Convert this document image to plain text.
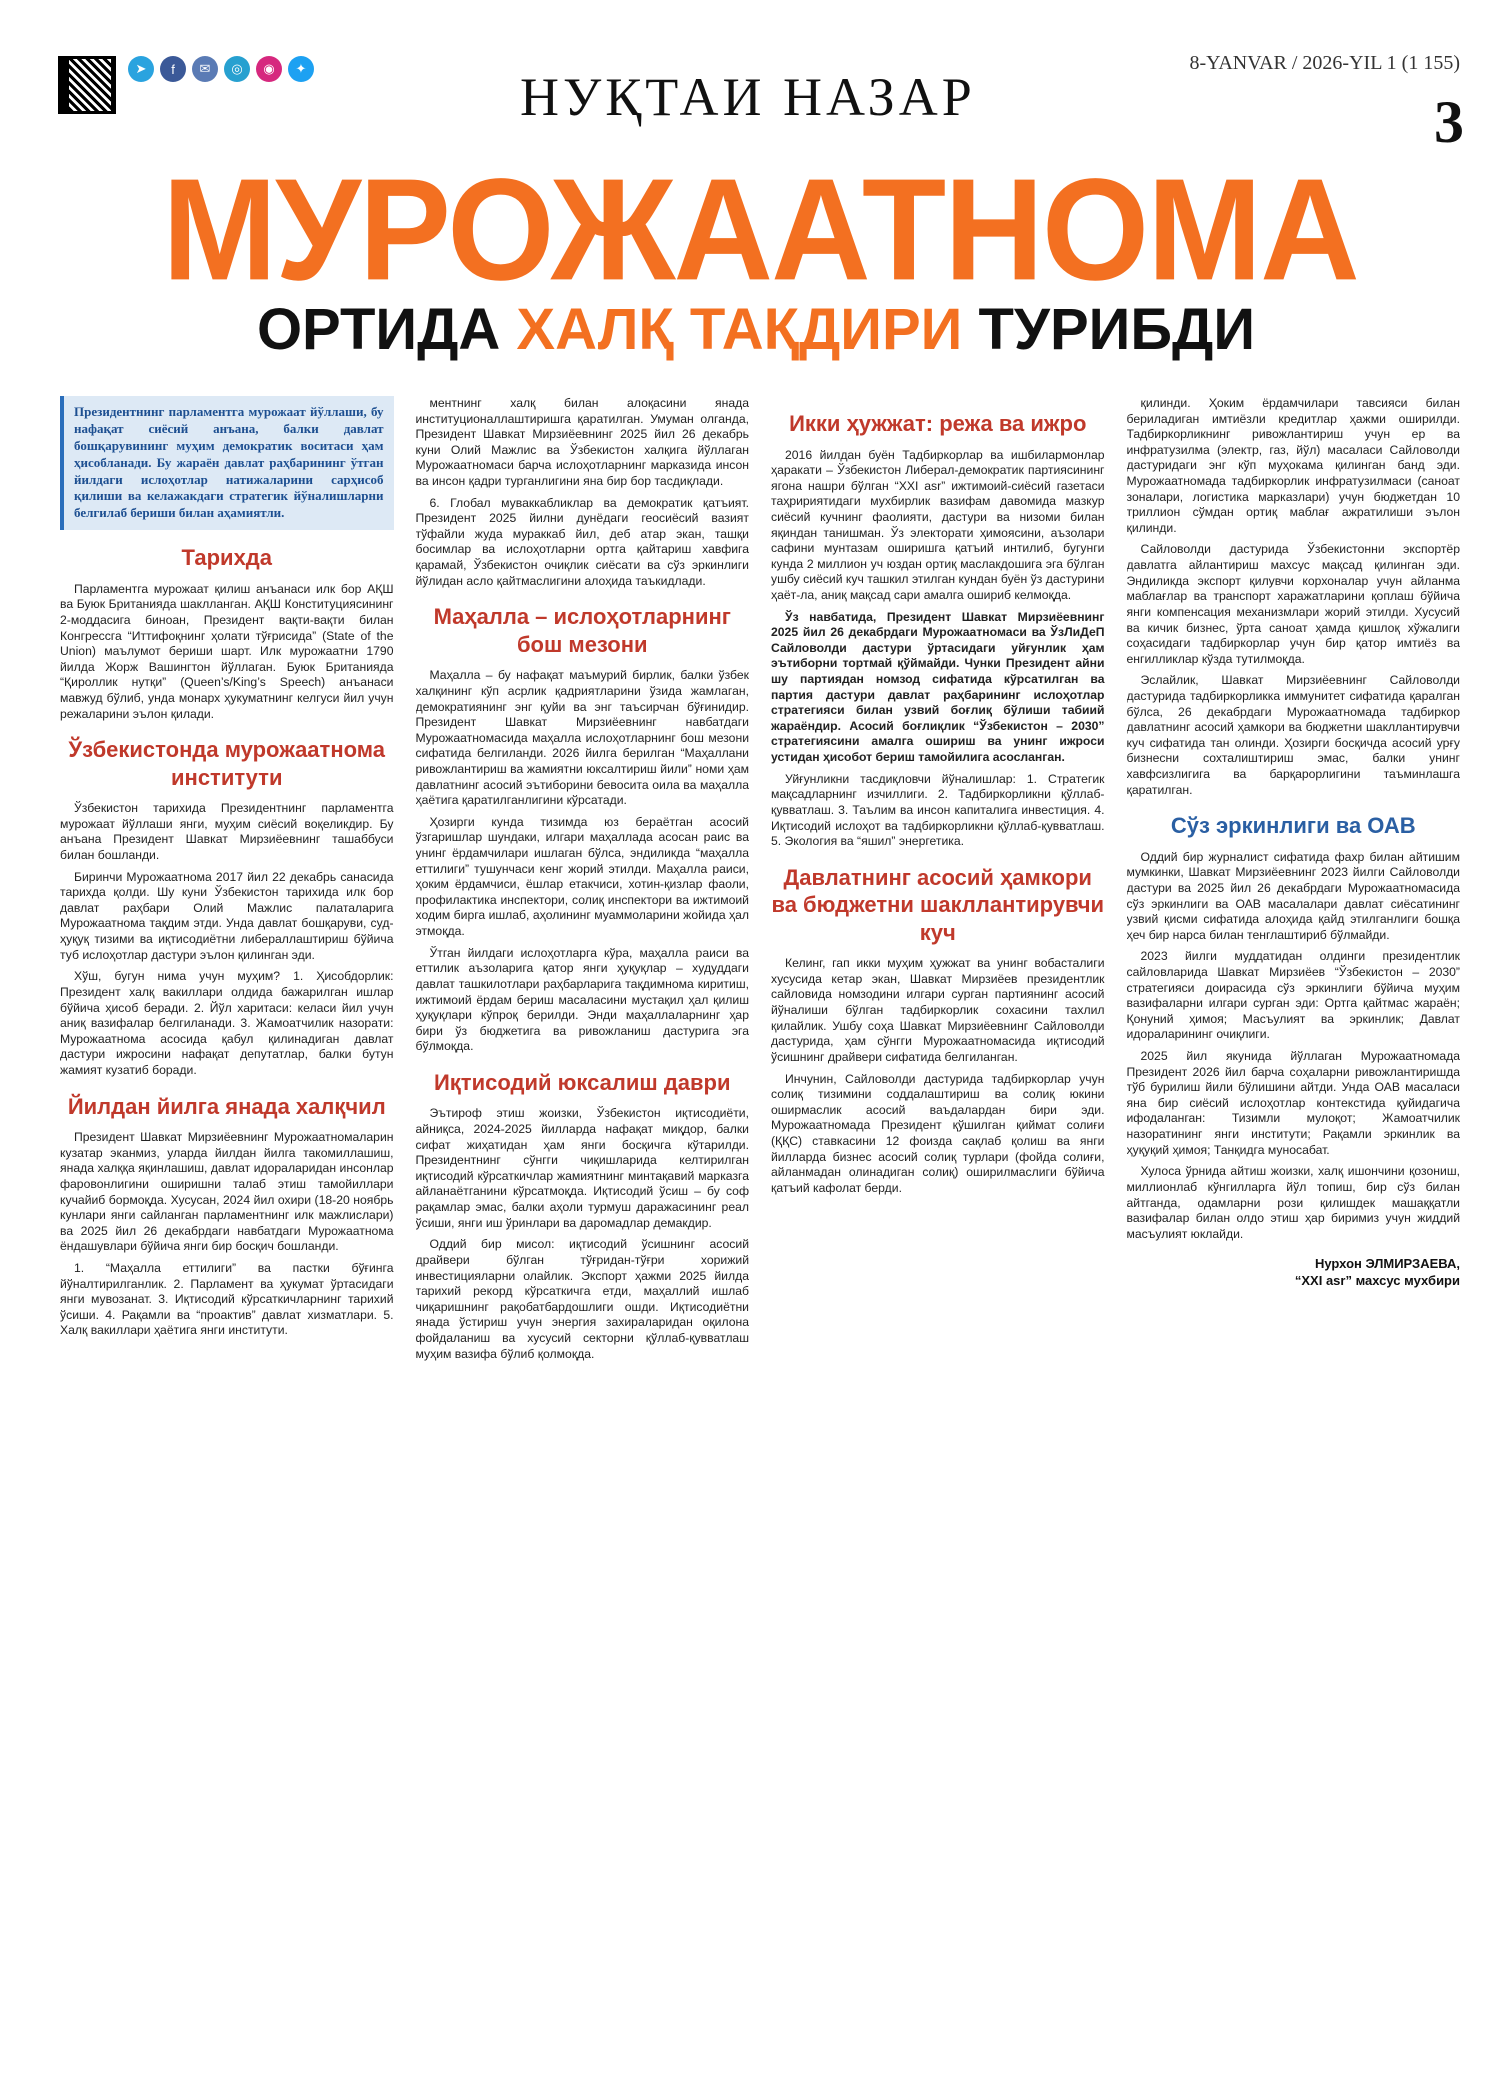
➤	f	✉	◎	◉	✦	НУҚТАИ НАЗАР
8-YANVAR / 2026-YIL 1 (1 155)
3
МУРОЖААТНОМА
ОРТИДА ХАЛҚ ТАҚДИРИ ТУРИБДИ
Президентнинг парламентга мурожаат йўллаши, бу нафақат сиёсий анъана, балки давлат бошқарувининг муҳим демократик воситаси ҳам ҳисобланади. Бу жараён давлат раҳбарининг ўтган йилдаги ислоҳотлар натижаларини сарҳисоб қилиши ва келажакдаги стратегик йўналишларни белгилаб бериши билан аҳамиятли.
Тарихда

Парламентга мурожаат қилиш анъанаси илк бор АҚШ ва Буюк Британияда шаклланган. АҚШ Конституциясининг 2-моддасига биноан, Президент вақти-вақти билан Конгрессга “Иттифоқнинг ҳолати тўғрисида” (State of the Union) маълумот бериши шарт. Илк мурожаатни 1790 йилда Жорж Вашингтон йўллаган. Буюк Британияда “Қироллик нутқи” (Queen’s/King’s Speech) анъанаси мавжуд бўлиб, унда монарх ҳукуматнинг келгуси йил учун режаларини эълон қилади.

Ўзбекистонда мурожаатнома институти

Ўзбекистон тарихида Президентнинг парламентга мурожаат йўллаши янги, муҳим сиёсий воқеликдир. Бу анъана Президент Шавкат Мирзиёевнинг ташаббуси билан бошланди.

Биринчи Мурожаатнома 2017 йил 22 декабрь санасида тарихда қолди. Шу куни Ўзбекистон тарихида илк бор давлат раҳбари Олий Мажлис палаталарига Мурожаатнома тақдим этди. Унда давлат бошқаруви, суд-ҳуқуқ тизими ва иқтисодиётни либераллаштириш бўйича туб ислоҳотлар дастури эълон қилинган эди.

Хўш, бугун нима учун муҳим? 1. Ҳисобдорлик: Президент халқ вакиллари олдида бажарилган ишлар бўйича ҳисоб беради. 2. Йўл харитаси: келаси йил учун аниқ вазифалар белгиланади. 3. Жамоатчилик назорати: Мурожаатнома асосида қабул қилинадиган давлат дастури ижросини нафақат депутатлар, балки бутун жамият кузатиб боради.

Йилдан йилга янада халқчил

Президент Шавкат Мирзиёевнинг Мурожаатномаларин кузатар эканмиз, уларда йилдан йилга такомиллашиш, янада халққа яқинлашиш, давлат идораларидан инсонлар фаровонлигини оширишни талаб этиш тамойиллари кучайиб бормоқда. Хусусан, 2024 йил охири (18-20 ноябрь кунлари янги сайланган парламентнинг илк мажлислари) ва 2025 йил 26 декабрдаги навбатдаги Мурожаатнома ёндашувлари бўйича янги бир босқич бошланди.

1. “Маҳалла еттилиги” ва пастки бўғинга йўналтирилганлик. 2. Парламент ва ҳукумат ўртасидаги янги мувозанат. 3. Иқтисодий кўрсаткичларнинг тарихий ўсиши. 4. Рақамли ва “проактив” давлат хизматлари. 5. Халқ вакиллари ҳаётига янги институти.

ментнинг халқ билан алоқасини янада институционаллаштиришга қаратилган. Умуман олганда, Президент Шавкат Мирзиёевнинг 2025 йил 26 декабрь куни Олий Мажлис ва Ўзбекистон халқига йўллаган Мурожаатномаси барча ислоҳотларнинг марказида инсон ва инсон қадри турганлигини яна бир бор тасдиқлади.

6. Глобал муваккабликлар ва демократик қатъият. Президент 2025 йилни дунёдаги геосиёсий вазият тўфайли жуда мураккаб йил, деб атар экан, ташқи босимлар ва ислоҳотларни ортга қайтариш хавфига қарамай, Ўзбекистон очиқлик сиёсати ва сўз эркинлиги йўлидан асло қайтмаслигини алоҳида таъкидлади.

Маҳалла – ислоҳотларнинг бош мезони

Маҳалла – бу нафақат маъмурий бирлик, балки ўзбек халқининг кўп асрлик қадриятларини ўзида жамлаган, демократиянинг энг қуйи ва энг таъсирчан бўғинидир. Президент Шавкат Мирзиёевнинг навбатдаги Мурожаатномасида маҳалла ислоҳотларнинг бош мезони сифатида белгиланди. 2026 йилга берилган “Маҳаллани ривожлантириш ва жамиятни юксалтириш йили” номи ҳам давлатнинг асосий эътиборини бевосита оила ва маҳалла ҳаётига қаратилганлигини кўрсатади.

Ҳозирги кунда тизимда юз бераётган асосий ўзгаришлар шундаки, илгари маҳаллада асосан раис ва унинг ёрдамчилари ишлаган бўлса, эндиликда “маҳалла еттилиги” тушунчаси кенг жорий этилди. Маҳалла раиси, ҳоким ёрдамчиси, ёшлар етакчиси, хотин-қизлар фаоли, профилактика инспектори, солиқ инспектори ва ижтимоий ходим бирга ишлаб, аҳолининг муаммоларини жойида ҳал этмоқда.

Ўтган йилдаги ислоҳотларга кўра, маҳалла раиси ва еттилик аъзоларига қатор янги ҳуқуқлар – худуддаги давлат ташкилотлари раҳбарларига тақдимнома киритиш, ижтимоий ёрдам бериш масаласини мустақил ҳал қилиш ҳуқуқлари кўпроқ берилди. Энди маҳаллаларнинг ҳар бири ўз бюджетига ва ривожланиш дастурига эга бўлмоқда.

Иқтисодий юксалиш даври

Эътироф этиш жоизки, Ўзбекистон иқтисодиёти, айниқса, 2024-2025 йилларда нафақат миқдор, балки сифат жиҳатидан ҳам янги босқичга кўтарилди. Президентнинг сўнгги чиқишларида келтирилган иқтисодий кўрсаткичлар жамиятнинг минтақавий марказга айланаётганини кўрсатмоқда. Иқтисодий ўсиш – бу соф рақамлар эмас, балки аҳоли турмуш даражасининг реал ўсиши, янги иш ўринлари ва даромадлар демакдир.

Оддий бир мисол: иқтисодий ўсишнинг асосий драйвери бўлган тўғридан-тўғри хорижий инвестицияларни олайлик. Экспорт ҳажми 2025 йилда тарихий рекорд кўрсаткичга етди, маҳаллий ишлаб чиқаришнинг рақобатбардошлиги ошди. Иқтисодиётни янада ўстириш учун энергия захираларидан оқилона фойдаланиш ва хусусий секторни қўллаб-қувватлаш муҳим вазифа бўлиб қолмоқда.

Икки ҳужжат: режа ва ижро

2016 йилдан буён Тадбиркорлар ва ишбилармонлар ҳаракати – Ўзбекистон Либерал-демократик партиясининг ягона нашри бўлган “XXI asr” ижтимоий-сиёсий газетаси таҳририятидаги мухбирлик вазифам давомида мазкур сиёсий кучнинг фаолияти, дастури ва низоми билан яқиндан танишман. Ўз электорати ҳимоясини, аъзолари сафини мунтазам оширишга қатъий интилиб, бугунги кунда 2 миллион уч юздан ортиқ маслакдошига эга бўлган ушбу сиёсий куч ташкил этилган кундан буён ўз дастурини ҳаёт-ла, аниқ мақсад сари амалга ошириб келмоқда.

Ўз навбатида, Президент Шавкат Мирзиёевнинг 2025 йил 26 декабрдаги Мурожаатномаси ва ЎзЛиДеП Сайловолди дастури ўртасидаги уйғунлик ҳам эътиборни тортмай қўймайди. Чунки Президент айни шу партиядан номзод сифатида кўрсатилган ва партия дастури давлат раҳбарининг ислоҳотлар стратегияси билан узвий боғлиқ бўлиши табиий жараёндир. Асосий боғлиқлик “Ўзбекистон – 2030” стратегиясини амалга ошириш ва унинг ижроси устидан ҳисобот бериш тамойилига асосланган.

Уйғунликни тасдиқловчи йўналишлар: 1. Стратегик мақсадларнинг изчиллиги. 2. Тадбиркорликни қўллаб-қувватлаш. 3. Таълим ва инсон капиталига инвестиция. 4. Иқтисодий ислоҳот ва тадбиркорликни қўллаб-қувватлаш. 5. Экология ва “яшил” энергетика.

Давлатнинг асосий ҳамкори ва бюджетни шакллантирувчи куч

Келинг, гап икки муҳим ҳужжат ва унинг вобасталиги хусусида кетар экан, Шавкат Мирзиёев президентлик сайловида номзодини илгари сурган партиянинг асосий йўналиши бўлган тадбиркорлик сохасини тахлил қилайлик. Ушбу соҳа Шавкат Мирзиёевнинг Сайловолди дастурида, ҳам сўнгги Мурожаатномасида иқтисодий ўсишнинг драйвери сифатида белгиланган.

Инчунин, Сайловолди дастурида тадбиркорлар учун солиқ тизимини соддалаштириш ва солиқ юкини оширмаслик асосий ваъдалардан бири эди. Мурожаатномада Президент қўшилган қиймат солиғи (ҚҚС) ставкасини 12 фоизда сақлаб қолиш ва янги йилларда бизнес асосий солиқ турлари (фойда солиғи, айланмадан олинадиган солиқ) оширилмаслиги бўйича қатъий кафолат берди.

қилинди. Ҳоким ёрдамчилари тавсияси билан бериладиган имтиёзли кредитлар ҳажми оширилди. Тадбиркорликнинг ривожлантириш учун ер ва инфратузилма (электр, газ, йўл) масаласи Сайловолди дастуридаги энг кўп муҳокама қилинган банд эди. Мурожаатномада тадбиркорлик инфратузилмаси (саноат зоналари, логистика марказлари) учун бюджетдан 10 триллион сўмдан ортиқ маблағ ажратилиши эълон қилинди.

Сайловолди дастурида Ўзбекистонни экспортёр давлатга айлантириш махсус мақсад қилинган эди. Эндиликда экспорт қилувчи корхоналар учун айланма маблағлар ва транспорт харажатларини қоплаш бўйича янги компенсация механизмлари жорий этилди. Хусусий ва кичик бизнес, ўрта саноат ҳамда қишлоқ хўжалиги соҳасидаги тадбиркорлар учун бир қатор имтиёз ва енгилликлар кўзда тутилмоқда.

Эслайлик, Шавкат Мирзиёевнинг Сайловолди дастурида тадбиркорликка иммунитет сифатида қаралган бўлса, 26 декабрдаги Мурожаатномада тадбиркор давлатнинг асосий ҳамкори ва бюджетни шакллантирувчи куч сифатида тан олинди. Ҳозирги босқичда асосий урғу бизнесни сохталиштириш эмас, балки унинг хавфсизлигига ва барқарорлигини таъминлашга қаратилган.

Сўз эркинлиги ва ОАВ

Оддий бир журналист сифатида фахр билан айтишим мумкинки, Шавкат Мирзиёевнинг 2023 йилги Сайловолди дастури ва 2025 йил 26 декабрдаги Мурожаатномасида сўз эркинлиги ва ОАВ масалалари давлат сиёсатининг узвий қисми сифатида алоҳида қайд этилганлиги бошқа ҳеч бир нарса билан тенглаштириб бўлмайди.

2023 йилги муддатидан олдинги президентлик сайловларида Шавкат Мирзиёев “Ўзбекистон – 2030” стратегияси доирасида сўз эркинлиги бўйича муҳим вазифаларни илгари сурган эди: Ортга қайтмас жараён; Қонуний ҳимоя; Масъулият ва эркинлик; Давлат идораларининг очиқлиги.

2025 йил якунида йўллаган Мурожаатномада Президент 2026 йил барча соҳаларни ривожлантиришда тўб бурилиш йили бўлишини айтди. Унда ОАВ масаласи яна бир сиёсий ислоҳотлар контекстида қуйидагича ифодаланган: Тизимли мулоқот; Жамоатчилик назоратининг янги институти; Рақамли эркинлик ва ҳуқуқий ҳимоя; Танқидга муносабат.

Хулоса ўрнида айтиш жоизки, халқ ишончини қозониш, миллионлаб кўнгилларга йўл топиш, бир сўз билан айтганда, одамларни рози қилишдек машаққатли вазифалар билан олдо этиш ҳар биримиз учун жиддий масъулият юклайди.

Нурхон ЭЛМИРЗАЕВА,
“XXI asr” махсус мухбири
